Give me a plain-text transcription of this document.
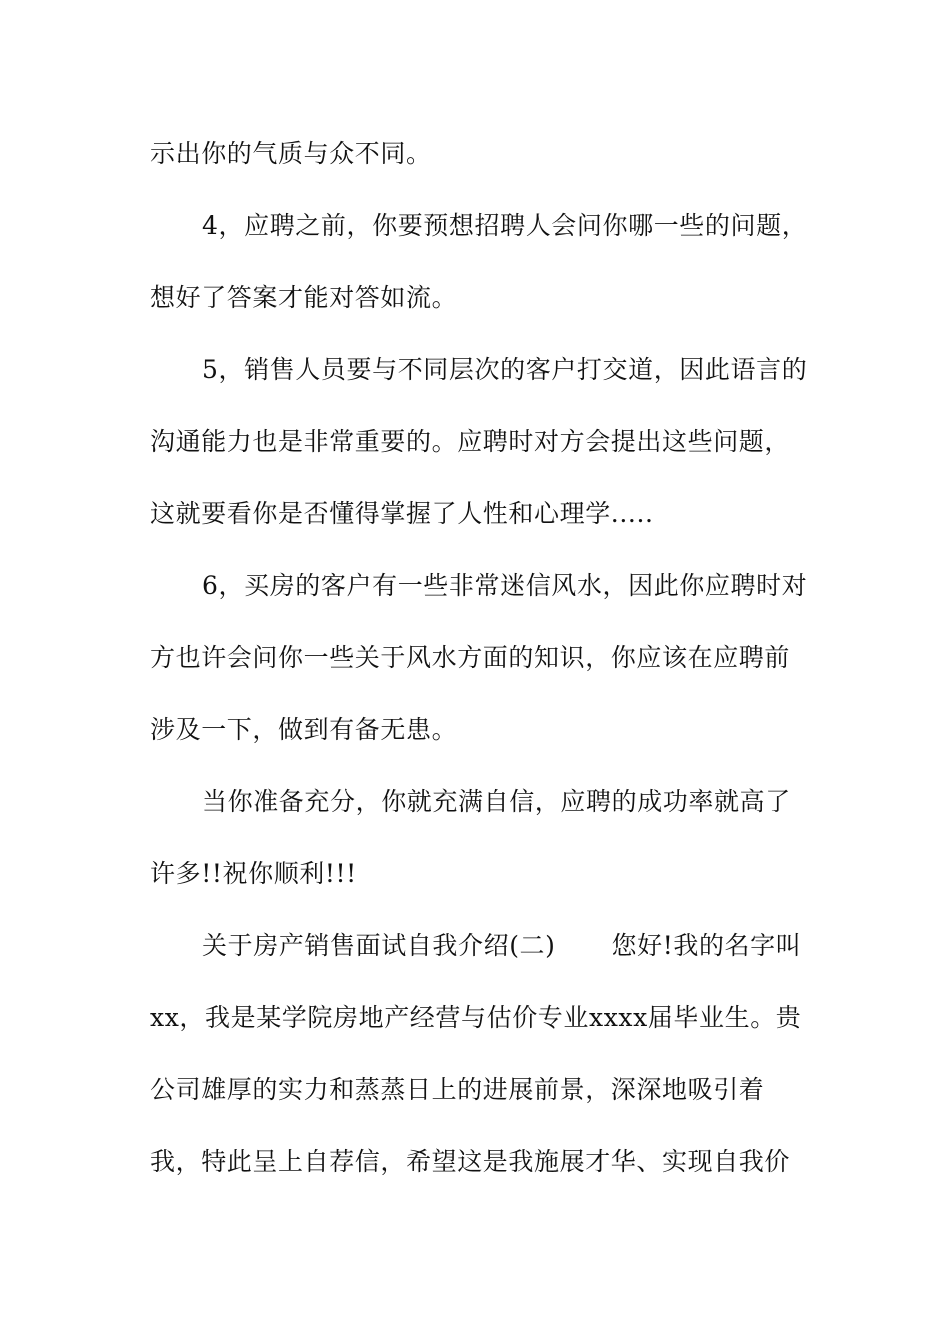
示出你的气质与众不同。
4，应聘之前，你要预想招聘人会问你哪一些的问题，
想好了答案才能对答如流。
5，销售人员要与不同层次的客户打交道，因此语言的
沟通能力也是非常重要的。应聘时对方会提出这些问题，
这就要看你是否懂得掌握了人性和心理学.....
6，买房的客户有一些非常迷信风水，因此你应聘时对
方也许会问你一些关于风水方面的知识，你应该在应聘前
涉及一下，做到有备无患。
当你准备充分，你就充满自信，应聘的成功率就高了
许多!!祝你顺利!!!
关于房产销售面试自我介绍(二) 您好!我的名字叫
xx，我是某学院房地产经营与估价专业xxxx届毕业生。贵
公司雄厚的实力和蒸蒸日上的进展前景，深深地吸引着
我，特此呈上自荐信，希望这是我施展才华、实现自我价
